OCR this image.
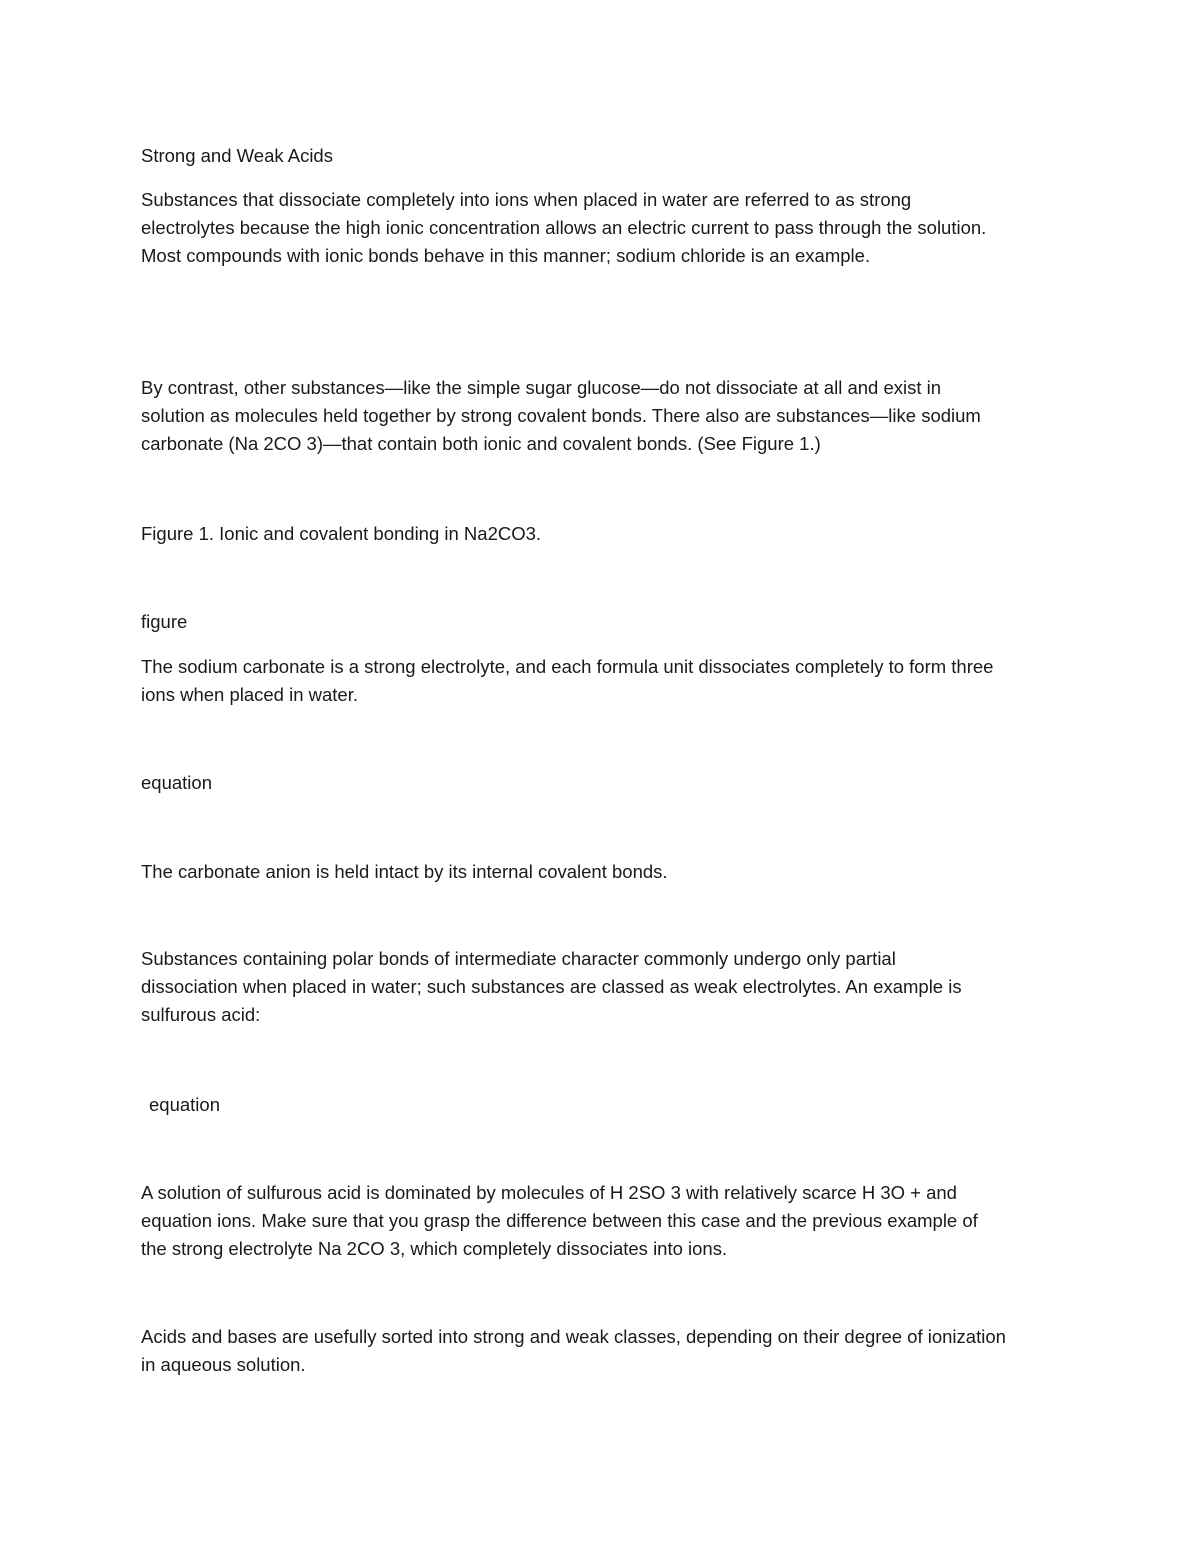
Strong and Weak Acids
Substances that dissociate completely into ions when placed in water are referred to as strong
electrolytes because the high ionic concentration allows an electric current to pass through the solution.
Most compounds with ionic bonds behave in this manner; sodium chloride is an example.
By contrast, other substances—like the simple sugar glucose—do not dissociate at all and exist in
solution as molecules held together by strong covalent bonds. There also are substances—like sodium
carbonate (Na 2CO 3)—that contain both ionic and covalent bonds. (See Figure 1.)
Figure 1. Ionic and covalent bonding in Na2CO3.
figure
The sodium carbonate is a strong electrolyte, and each formula unit dissociates completely to form three
ions when placed in water.
equation
The carbonate anion is held intact by its internal covalent bonds.
Substances containing polar bonds of intermediate character commonly undergo only partial
dissociation when placed in water; such substances are classed as weak electrolytes. An example is
sulfurous acid:
equation
A solution of sulfurous acid is dominated by molecules of H 2SO 3 with relatively scarce H 3O + and
equation ions. Make sure that you grasp the difference between this case and the previous example of
the strong electrolyte Na 2CO 3, which completely dissociates into ions.
Acids and bases are usefully sorted into strong and weak classes, depending on their degree of ionization
in aqueous solution.
